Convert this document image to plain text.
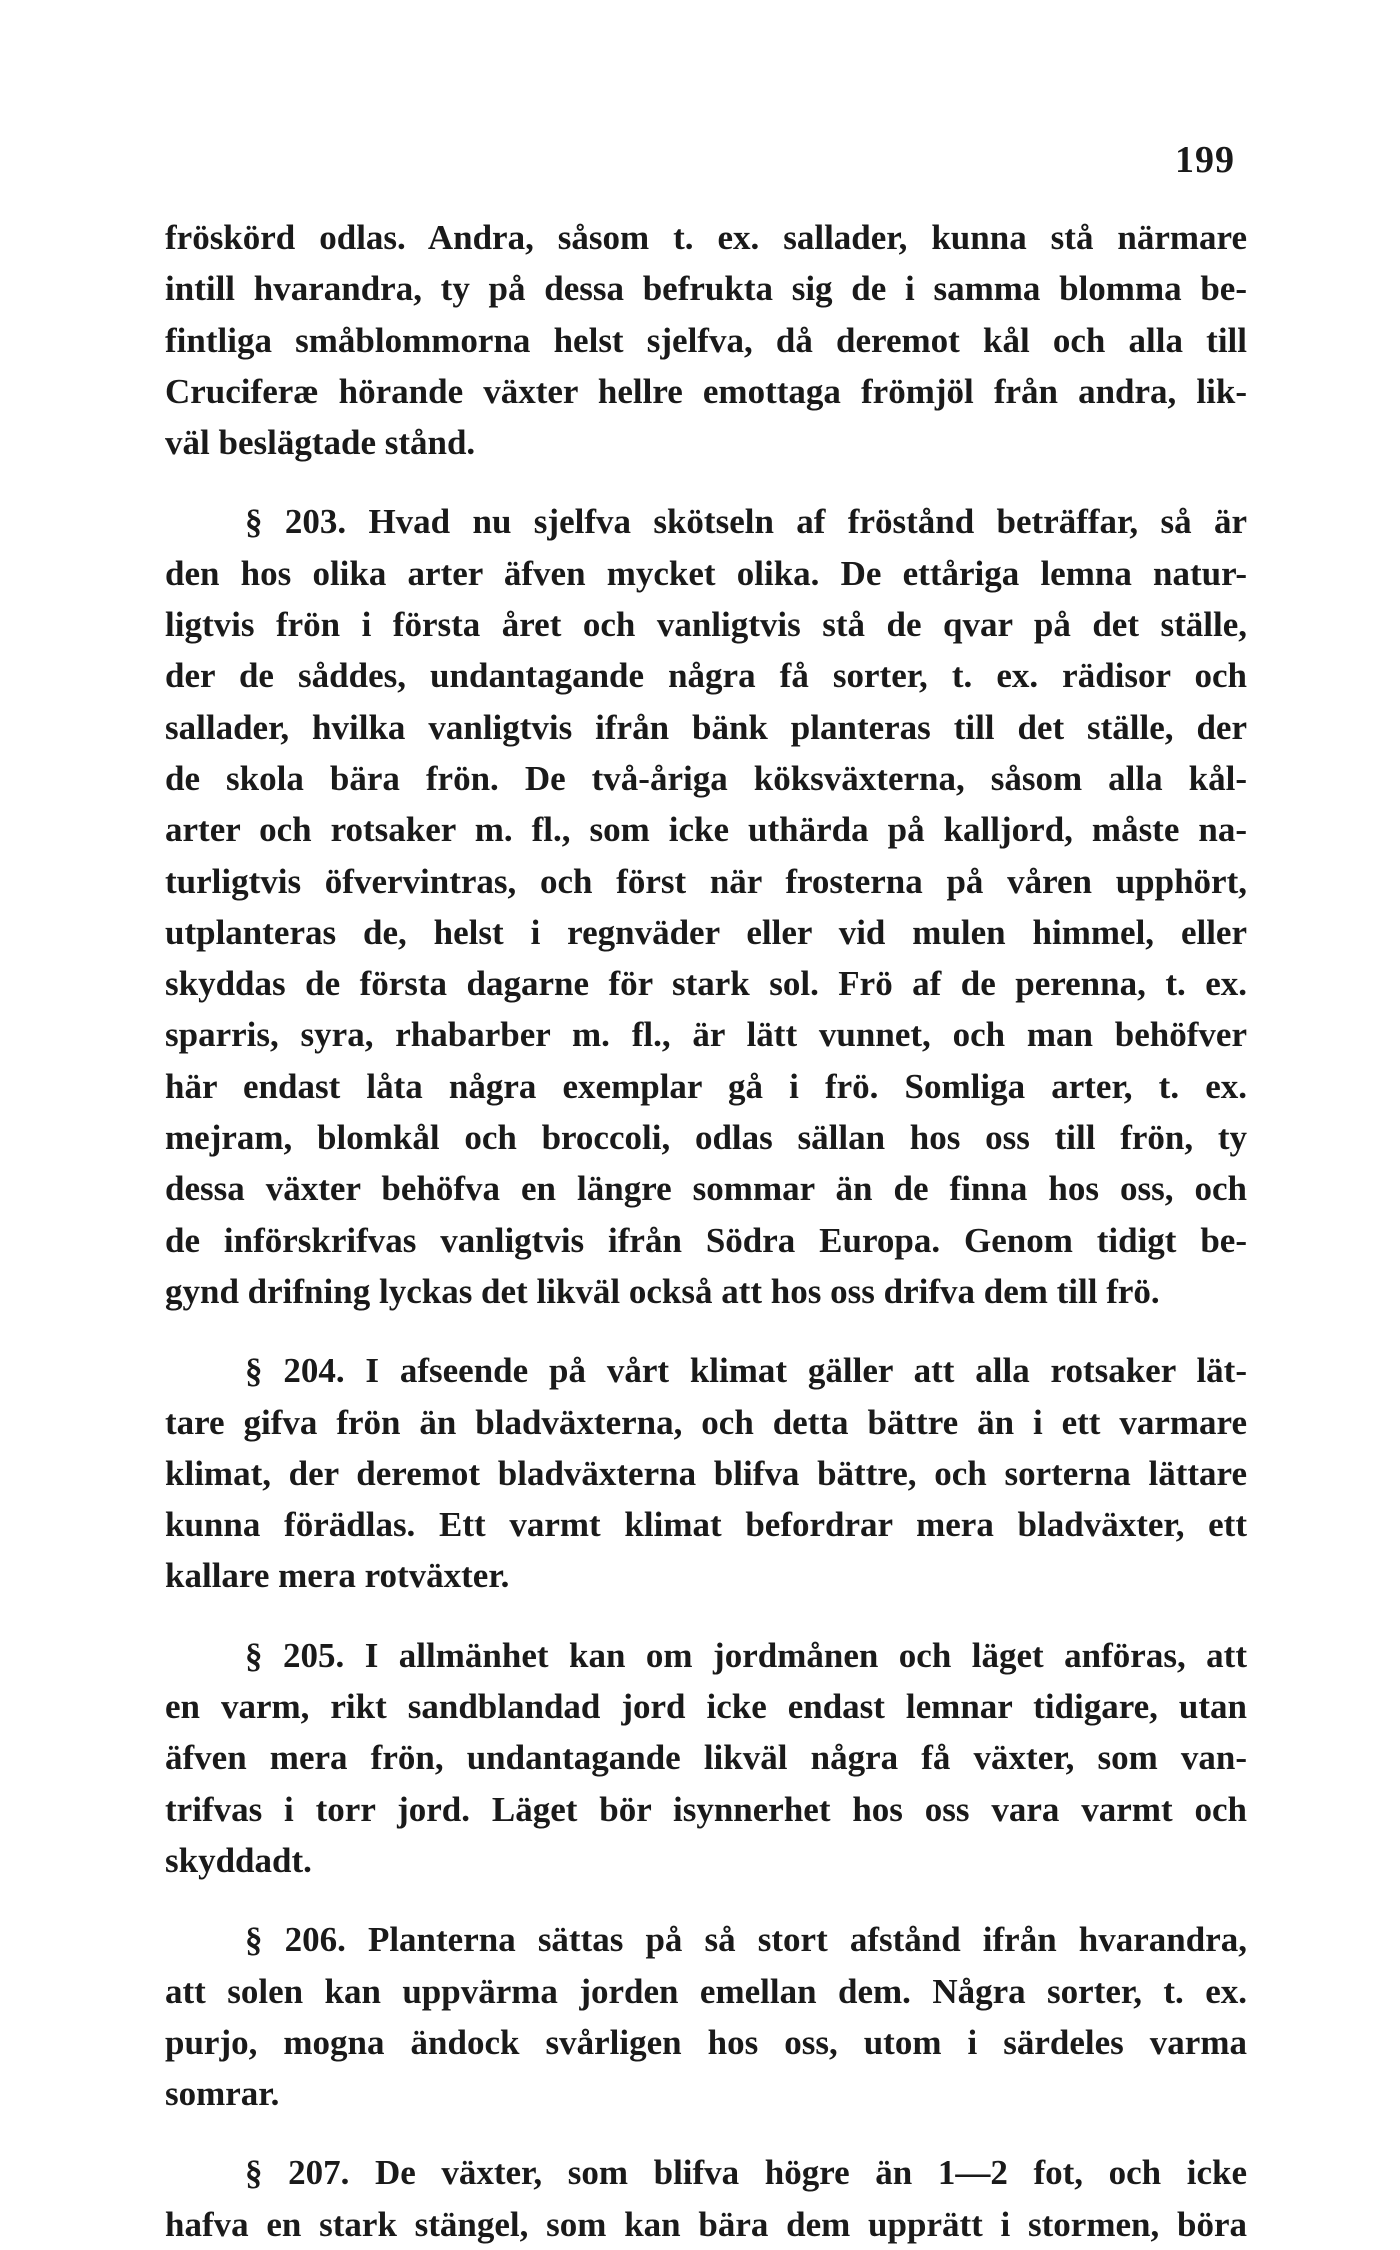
199
fröskörd odlas. Andra, såsom t. ex. sallader, kunna stå närmare
intill hvarandra, ty på dessa befrukta sig de i samma blomma be-
fintliga småblommorna helst sjelfva, då deremot kål och alla till
Cruciferæ hörande växter hellre emottaga frömjöl från andra, lik-
väl beslägtade stånd.
§ 203. Hvad nu sjelfva skötseln af fröstånd beträffar, så är
den hos olika arter äfven mycket olika. De ettåriga lemna natur-
ligtvis frön i första året och vanligtvis stå de qvar på det ställe,
der de såddes, undantagande några få sorter, t. ex. rädisor och
sallader, hvilka vanligtvis ifrån bänk planteras till det ställe, der
de skola bära frön. De två-åriga köksväxterna, såsom alla kål-
arter och rotsaker m. fl., som icke uthärda på kalljord, måste na-
turligtvis öfvervintras, och först när frosterna på våren upphört,
utplanteras de, helst i regnväder eller vid mulen himmel, eller
skyddas de första dagarne för stark sol. Frö af de perenna, t. ex.
sparris, syra, rhabarber m. fl., är lätt vunnet, och man behöfver
här endast låta några exemplar gå i frö. Somliga arter, t. ex.
mejram, blomkål och broccoli, odlas sällan hos oss till frön, ty
dessa växter behöfva en längre sommar än de finna hos oss, och
de införskrifvas vanligtvis ifrån Södra Europa. Genom tidigt be-
gynd drifning lyckas det likväl också att hos oss drifva dem till frö.
§ 204. I afseende på vårt klimat gäller att alla rotsaker lät-
tare gifva frön än bladväxterna, och detta bättre än i ett varmare
klimat, der deremot bladväxterna blifva bättre, och sorterna lättare
kunna förädlas. Ett varmt klimat befordrar mera bladväxter, ett
kallare mera rotväxter.
§ 205. I allmänhet kan om jordmånen och läget anföras, att
en varm, rikt sandblandad jord icke endast lemnar tidigare, utan
äfven mera frön, undantagande likväl några få växter, som van-
trifvas i torr jord. Läget bör isynnerhet hos oss vara varmt och
skyddadt.
§ 206. Planterna sättas på så stort afstånd ifrån hvarandra,
att solen kan uppvärma jorden emellan dem. Några sorter, t. ex.
purjo, mogna ändock svårligen hos oss, utom i särdeles varma
somrar.
§ 207. De växter, som blifva högre än 1—2 fot, och icke
hafva en stark stängel, som kan bära dem upprätt i stormen, böra
